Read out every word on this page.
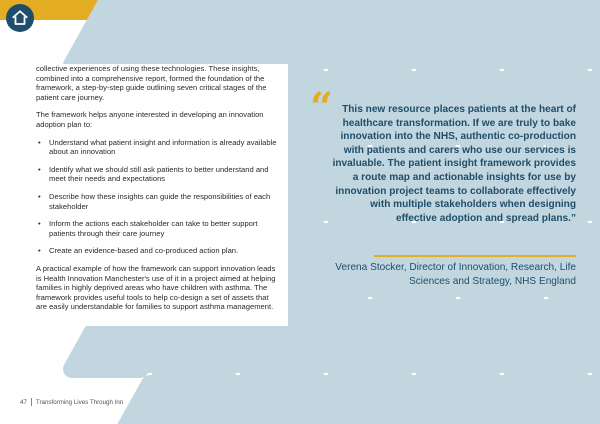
collective experiences of using these technologies. These insights, combined into a comprehensive report, formed the foundation of the framework, a step-by-step guide outlining seven critical stages of the patient care journey.

The framework helps anyone interested in developing an innovation adoption plan to:

• Understand what patient insight and information is already available about an innovation
• Identify what we should still ask patients to better understand and meet their needs and expectations
• Describe how these insights can guide the responsibilities of each stakeholder
• Inform the actions each stakeholder can take to better support patients through their care journey
• Create an evidence-based and co-produced action plan.

A practical example of how the framework can support innovation leads is Health Innovation Manchester's use of it in a project aimed at helping families in highly deprived areas who have children with asthma. The framework provides useful tools to help co-design a set of assets that are easily understandable for families to support asthma management.

“ This new resource places patients at the heart of healthcare transformation. If we are truly to bake innovation into the NHS, authentic co-production with patients and carers who use our services is invaluable. The patient insight framework provides a route map and actionable insights for use by innovation project teams to collaborate effectively with multiple stakeholders when designing effective adoption and spread plans.”
Verena Stocker, Director of Innovation, Research, Life Sciences and Strategy, NHS England
47 Transforming Lives Through Inn
